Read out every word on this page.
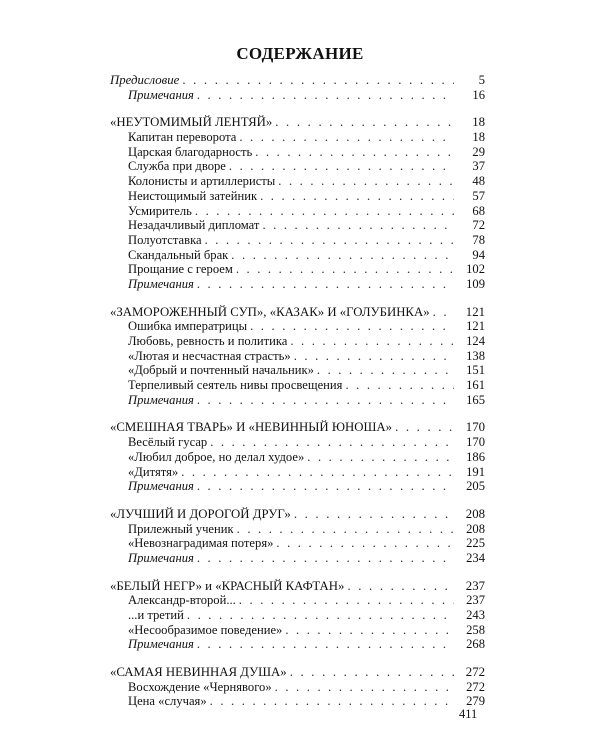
СОДЕРЖАНИЕ
Предисловие . . .	5
Примечания . . .	16
«НЕУТОМИМЫЙ ЛЕНТЯЙ» . . .	18
Капитан переворота . . .	18
Царская благодарность . . .	29
Служба при дворе . . .	37
Колонисты и артиллеристы . . .	48
Неистощимый затейник . . .	57
Усмиритель . . .	68
Незадачливый дипломат . . .	72
Полуотставка . . .	78
Скандальный брак . . .	94
Прощание с героем . . .	102
Примечания . . .	109
«ЗАМОРОЖЕННЫЙ СУП», «КАЗАК» И «ГОЛУБИНКА» . . .	121
Ошибка императрицы . . .	121
Любовь, ревность и политика . . .	124
«Лютая и несчастная страсть» . . .	138
«Добрый и почтенный начальник» . . .	151
Терпеливый сеятель нивы просвещения . . .	161
Примечания . . .	165
«СМЕШНАЯ ТВАРЬ» И «НЕВИННЫЙ ЮНОША» . . .	170
Весёлый гусар . . .	170
«Любил доброе, но делал худое» . . .	186
«Дитятя» . . .	191
Примечания . . .	205
«ЛУЧШИЙ И ДОРОГОЙ ДРУГ» . . .	208
Прилежный ученик . . .	208
«Невознаградимая потеря» . . .	225
Примечания . . .	234
«БЕЛЫЙ НЕГР» и «КРАСНЫЙ КАФТАН» . . .	237
Александр-второй... . . .	237
...и третий . . .	243
«Несообразимое поведение» . . .	258
Примечания . . .	268
«САМАЯ НЕВИННАЯ ДУША» . . .	272
Восхождение «Чернявого» . . .	272
Цена «случая» . . .	279
411
